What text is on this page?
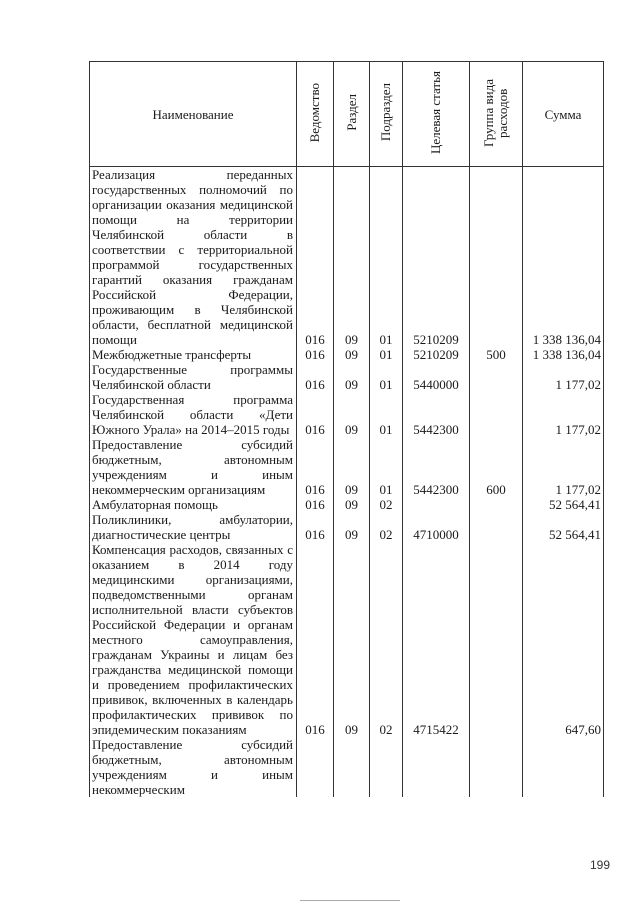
Наименование	Ведомство	Раздел	Подраздел	Целевая статья	Группа вида
расходов	Сумма
Реализация переданных государственных полномочий по организации оказания медицинской помощи на территории Челябинской области в соответствии с территориальной программой государственных гарантий оказания гражданам Российской Федерации, проживающим в Челябинской области, бесплатной медицинской помощи	016	09	01	5210209		1 338 136,04
Межбюджетные трансферты	016	09	01	5210209	500	1 338 136,04
Государственные программы Челябинской области	016	09	01	5440000		1 177,02
Государственная программа Челябинской области «Дети Южного Урала» на 2014–2015 годы	016	09	01	5442300		1 177,02
Предоставление субсидий бюджетным, автономным учреждениям и иным некоммерческим организациям	016	09	01	5442300	600	1 177,02
Амбулаторная помощь	016	09	02			52 564,41
Поликлиники, амбулатории, диагностические центры	016	09	02	4710000		52 564,41
Компенсация расходов, связанных с оказанием в 2014 году медицинскими организациями, подведомственными органам исполнительной власти субъектов Российской Федерации и органам местного самоуправления, гражданам Украины и лицам без гражданства медицинской помощи и проведением профилактических прививок, включенных в календарь профилактических прививок по эпидемическим показаниям	016	09	02	4715422		647,60
Предоставление субсидий бюджетным, автономным учреждениям и иным некоммерческим						
199
